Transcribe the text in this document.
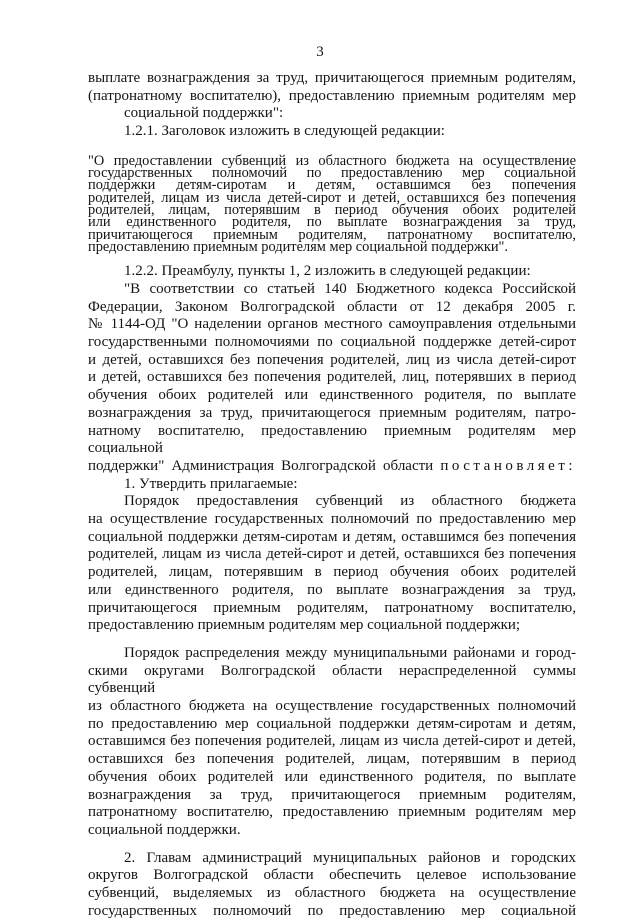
3

выплате вознаграждения за труд, причитающегося приемным родителям,

(патронатному воспитателю), предоставлению приемным родителям мер

социальной поддержки":

1.2.1. Заголовок изложить в следующей редакции:

"О предоставлении субвенций из областного бюджета на осуществление

государственных полномочий по предоставлению мер социальной

поддержки детям-сиротам и детям, оставшимся без попечения

родителей, лицам из числа детей-сирот и детей, оставшихся без попечения

родителей, лицам, потерявшим в период обучения обоих родителей

или единственного родителя, по выплате вознаграждения за труд,

причитающегося приемным родителям, патронатному воспитателю,

предоставлению приемным родителям мер социальной поддержки".

1.2.2. Преамбулу, пункты 1, 2 изложить в следующей редакции:

"В соответствии со статьей 140 Бюджетного кодекса Российской

Федерации, Законом Волгоградской области от 12 декабря 2005 г.

№ 1144-ОД "О наделении органов местного самоуправления отдельными

государственными полномочиями по социальной поддержке детей-сирот

и детей, оставшихся без попечения родителей, лиц из числа детей-сирот

и детей, оставшихся без попечения родителей, лиц, потерявших в период

обучения обоих родителей или единственного родителя, по выплате

вознаграждения за труд, причитающегося приемным родителям, патро-

натному воспитателю, предоставлению приемным родителям мер социальной

поддержки" Администрация Волгоградской области постановляет:

1. Утвердить прилагаемые:

Порядок предоставления субвенций из областного бюджета

на осуществление государственных полномочий по предоставлению мер

социальной поддержки детям-сиротам и детям, оставшимся без попечения

родителей, лицам из числа детей-сирот и детей, оставшихся без попечения

родителей, лицам, потерявшим в период обучения обоих родителей

или единственного родителя, по выплате вознаграждения за труд,

причитающегося приемным родителям, патронатному воспитателю,

предоставлению приемным родителям мер социальной поддержки;

Порядок распределения между муниципальными районами и город-

скими округами Волгоградской области нераспределенной суммы субвенций

из областного бюджета на осуществление государственных полномочий

по предоставлению мер социальной поддержки детям-сиротам и детям,

оставшимся без попечения родителей, лицам из числа детей-сирот и детей,

оставшихся без попечения родителей, лицам, потерявшим в период

обучения обоих родителей или единственного родителя, по выплате

вознаграждения за труд, причитающегося приемным родителям,

патронатному воспитателю, предоставлению приемным родителям мер

социальной поддержки.

2. Главам администраций муниципальных районов и городских

округов Волгоградской области обеспечить целевое использование

субвенций, выделяемых из областного бюджета на осуществление

государственных полномочий по предоставлению мер социальной
